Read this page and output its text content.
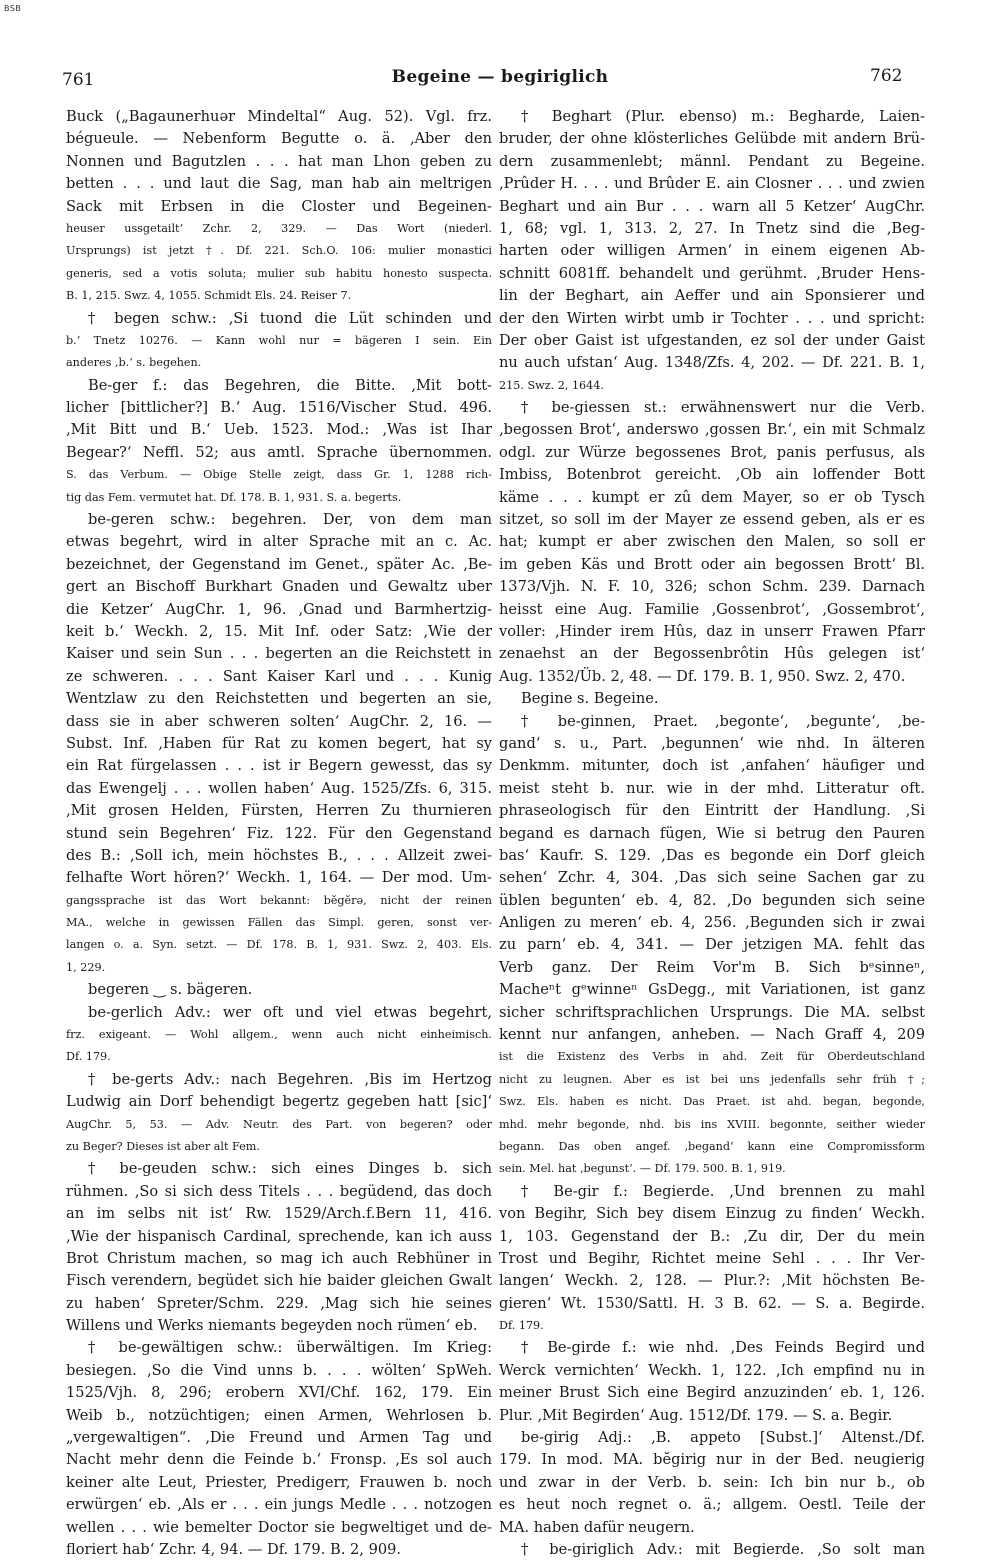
BSB
761	Begeine — begiriglich	762
Buck („Bagaunerhuər Mindeltal“ Aug. 52). Vgl. frz.
bégueule. — Nebenform Begutte o. ä. ‚Aber den
Nonnen und Bagutzlen . . . hat man Lhon geben zu
betten . . . und laut die Sag, man hab ain meltrigen
Sack mit Erbsen in die Closter und Begeinen-
heuser ussgetailt‘ Zchr. 2, 329. — Das Wort (niederl.
Ursprungs) ist jetzt †. Df. 221. Sch.O. 106: mulier monastici
generis, sed a votis soluta; mulier sub habitu honesto suspecta.
B. 1, 215. Swz. 4, 1055. Schmidt Els. 24. Reiser 7.
† begen schw.: ‚Si tuond die Lüt schinden und
b.‘ Tnetz 10276. — Kann wohl nur = bägeren I sein. Ein
anderes ‚b.‘ s. begehen.
Be-ger f.: das Begehren, die Bitte. ‚Mit bott-
licher [bittlicher?] B.‘ Aug. 1516/Vischer Stud. 496.
‚Mit Bitt und B.‘ Ueb. 1523. Mod.: ‚Was ist Ihar
Begear?‘ Neffl. 52; aus amtl. Sprache übernommen.
S. das Verbum. — Obige Stelle zeigt, dass Gr. 1, 1288 rich-
tig das Fem. vermutet hat. Df. 178. B. 1, 931. S. a. begerts.
be-geren schw.: begehren. Der, von dem man
etwas begehrt, wird in alter Sprache mit an c. Ac.
bezeichnet, der Gegenstand im Genet., später Ac. ‚Be-
gert an Bischoff Burkhart Gnaden und Gewaltz uber
die Ketzer‘ AugChr. 1, 96. ‚Gnad und Barmhertzig-
keit b.‘ Weckh. 2, 15. Mit Inf. oder Satz: ‚Wie der
Kaiser und sein Sun . . . begerten an die Reichstett in
ze schweren. . . . Sant Kaiser Karl und . . . Kunig
Wentzlaw zu den Reichstetten und begerten an sie,
dass sie in aber schweren solten‘ AugChr. 2, 16. —
Subst. Inf. ‚Haben für Rat zu komen begert, hat sy
ein Rat fürgelassen . . . ist ir Begern gewesst, das sy
das Ewengelj . . . wollen haben‘ Aug. 1525/Zfs. 6, 315.
‚Mit grosen Helden, Fürsten, Herren Zu thurnieren
stund sein Begehren‘ Fiz. 122. Für den Gegenstand
des B.: ‚Soll ich, mein höchstes B., . . . Allzeit zwei-
felhafte Wort hören?‘ Weckh. 1, 164. — Der mod. Um-
gangssprache ist das Wort bekannt: bĕgĕrə, nicht der reinen
MA., welche in gewissen Fällen das Simpl. geren, sonst ver-
langen o. a. Syn. setzt. — Df. 178. B. 1, 931. Swz. 2, 403. Els.
1, 229.
begeren ‿ s. bägeren.
be-gerlich Adv.: wer oft und viel etwas begehrt,
frz. exigeant. — Wohl allgem., wenn auch nicht einheimisch.
Df. 179.
† be-gerts Adv.: nach Begehren. ‚Bis im Hertzog
Ludwig ain Dorf behendigt begertz gegeben hatt [sic]‘
AugChr. 5, 53. — Adv. Neutr. des Part. von begeren? oder
zu Beger? Dieses ist aber alt Fem.
† be-geuden schw.: sich eines Dinges b. sich
rühmen. ‚So si sich dess Titels . . . begüdend, das doch
an im selbs nit ist‘ Rw. 1529/Arch.f.Bern 11, 416.
‚Wie der hispanisch Cardinal, sprechende, kan ich auss
Brot Christum machen, so mag ich auch Rebhüner in
Fisch verendern, begüdet sich hie baider gleichen Gwalt
zu haben‘ Spreter/Schm. 229. ‚Mag sich hie seines
Willens und Werks niemants begeyden noch rümen‘ eb.
† be-gewältigen schw.: überwältigen. Im Krieg:
besiegen. ‚So die Vind unns b. . . . wölten‘ SpWeh.
1525/Vjh. 8, 296; erobern XVI/Chf. 162, 179. Ein
Weib b., notzüchtigen; einen Armen, Wehrlosen b.
„vergewaltigen“. ‚Die Freund und Armen Tag und
Nacht mehr denn die Feinde b.‘ Fronsp. ‚Es sol auch
keiner alte Leut, Priester, Predigerr, Frauwen b. noch
erwürgen‘ eb. ‚Als er . . . ein jungs Medle . . . notzogen
wellen . . . wie bemelter Doctor sie begweltiget und de-
floriert hab‘ Zchr. 4, 94. — Df. 179. B. 2, 909.
† Beghart (Plur. ebenso) m.: Begharde, Laien-
bruder, der ohne klösterliches Gelübde mit andern Brü-
dern zusammenlebt; männl. Pendant zu Begeine.
‚Prûder H. . . . und Brûder E. ain Closner . . . und zwien
Beghart und ain Bur . . . warn all 5 Ketzer‘ AugChr.
1, 68; vgl. 1, 313. 2, 27. In Tnetz sind die ‚Beg-
harten oder willigen Armen‘ in einem eigenen Ab-
schnitt 6081ff. behandelt und gerühmt. ‚Bruder Hens-
lin der Beghart, ain Aeffer und ain Sponsierer und
der den Wirten wirbt umb ir Tochter . . . und spricht:
Der ober Gaist ist ufgestanden, ez sol der under Gaist
nu auch ufstan‘ Aug. 1348/Zfs. 4, 202. — Df. 221. B. 1,
215. Swz. 2, 1644.
† be-giessen st.: erwähnenswert nur die Verb.
‚begossen Brot‘, anderswo ‚gossen Br.‘, ein mit Schmalz
odgl. zur Würze begossenes Brot, panis perfusus, als
Imbiss, Botenbrot gereicht. ‚Ob ain loffender Bott
käme . . . kumpt er zû dem Mayer, so er ob Tysch
sitzet, so soll im der Mayer ze essend geben, als er es
hat; kumpt er aber zwischen den Malen, so soll er
im geben Käs und Brott oder ain begossen Brott‘ Bl.
1373/Vjh. N. F. 10, 326; schon Schm. 239. Darnach
heisst eine Aug. Familie ‚Gossenbrot‘, ‚Gossembrot‘,
voller: ‚Hinder irem Hûs, daz in unserr Frawen Pfarr
zenaehst an der Begossenbrôtin Hûs gelegen ist‘
Aug. 1352/Üb. 2, 48. — Df. 179. B. 1, 950. Swz. 2, 470.
Begine s. Begeine.
† be-ginnen, Praet. ‚begonte‘, ‚begunte‘, ‚be-
gand‘ s. u., Part. ‚begunnen‘ wie nhd. In älteren
Denkmm. mitunter, doch ist ‚anfahen‘ häufiger und
meist steht b. nur. wie in der mhd. Litteratur oft.
phraseologisch für den Eintritt der Handlung. ‚Si
begand es darnach fügen, Wie si betrug den Pauren
bas‘ Kaufr. S. 129. ‚Das es begonde ein Dorf gleich
sehen‘ Zchr. 4, 304. ‚Das sich seine Sachen gar zu
üblen begunten‘ eb. 4, 82. ‚Do begunden sich seine
Anligen zu meren‘ eb. 4, 256. ‚Begunden sich ir zwai
zu parn‘ eb. 4, 341. — Der jetzigen MA. fehlt das
Verb ganz. Der Reim Vor'm B. Sich bᵉsinneⁿ,
Macheⁿt gᵉwinneⁿ GsDegg., mit Variationen, ist ganz
sicher schriftsprachlichen Ursprungs. Die MA. selbst
kennt nur anfangen, anheben. — Nach Graff 4, 209
ist die Existenz des Verbs in ahd. Zeit für Oberdeutschland
nicht zu leugnen. Aber es ist bei uns jedenfalls sehr früh †;
Swz. Els. haben es nicht. Das Praet. ist ahd. began, begonde,
mhd. mehr begonde, nhd. bis ins XVIII. begonnte, seither wieder
begann. Das oben angef. ‚begand‘ kann eine Compromissform
sein. Mel. hat ‚begunst‘. — Df. 179. 500. B. 1, 919.
† Be-gir f.: Begierde. ‚Und brennen zu mahl
von Begihr, Sich bey disem Einzug zu finden‘ Weckh.
1, 103. Gegenstand der B.: ‚Zu dir, Der du mein
Trost und Begihr, Richtet meine Sehl . . . Ihr Ver-
langen‘ Weckh. 2, 128. — Plur.?: ‚Mit höchsten Be-
gieren‘ Wt. 1530/Sattl. H. 3 B. 62. — S. a. Begirde.
Df. 179.
† Be-girde f.: wie nhd. ‚Des Feinds Begird und
Werck vernichten‘ Weckh. 1, 122. ‚Ich empfind nu in
meiner Brust Sich eine Begird anzuzinden‘ eb. 1, 126.
Plur. ‚Mit Begirden‘ Aug. 1512/Df. 179. — S. a. Begir.
be-girig Adj.: ‚B. appeto [Subst.]‘ Altenst./Df.
179. In mod. MA. bĕgirig nur in der Bed. neugierig
und zwar in der Verb. b. sein: Ich bin nur b., ob
es heut noch regnet o. ä.; allgem. Oestl. Teile der
MA. haben dafür neugern.
† be-giriglich Adv.: mit Begierde. ‚So solt man
